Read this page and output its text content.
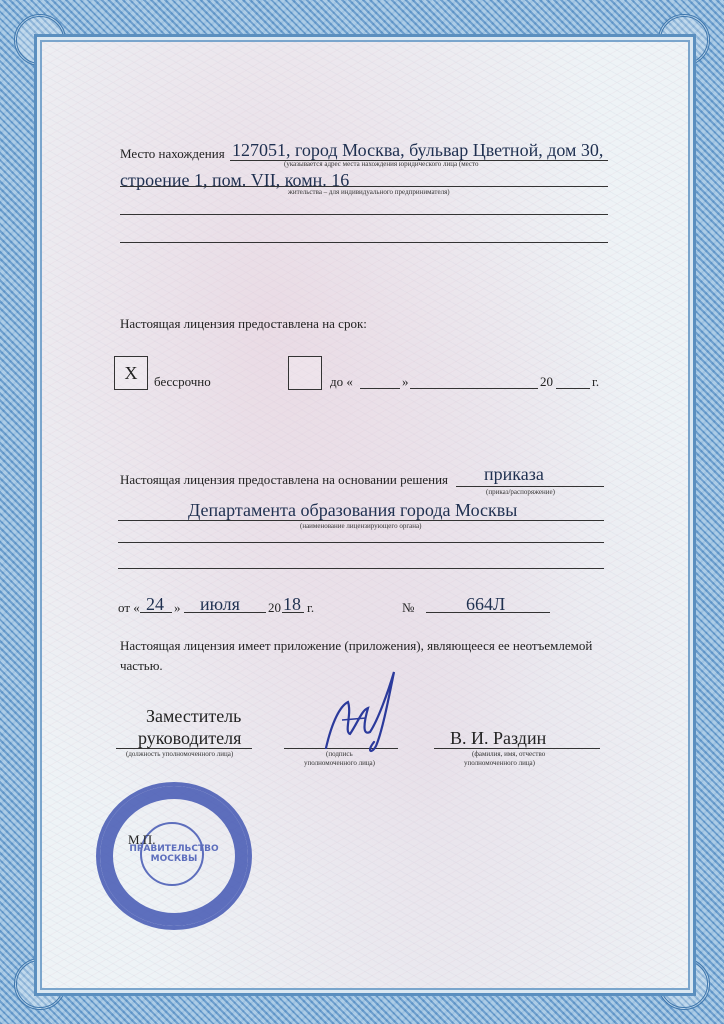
Место нахождения 127051, город Москва, бульвар Цветной, дом 30,
(указывается адрес места нахождения юридического лица (место
строение 1, пом. VII, комн. 16
жительства – для индивидуального предпринимателя)
Настоящая лицензия предоставлена на срок:
X бессрочно	до «	»	20	г.
Настоящая лицензия предоставлена на основании решения приказа
(приказ/распоряжение)
Департамента образования города Москвы
(наименование лицензирующего органа)
от « 24 » июля 20 18 г.	№	664Л
Настоящая лицензия имеет приложение (приложения), являющееся ее неотъемлемой
частью.
Заместитель
руководителя
(должность уполномоченного лица)	(подпись
уполномоченного лица)
В. И. Раздин
(фамилия, имя, отчество
уполномоченного лица)
ПРАВИТЕЛЬСТВО МОСКВЫ
М.П.
